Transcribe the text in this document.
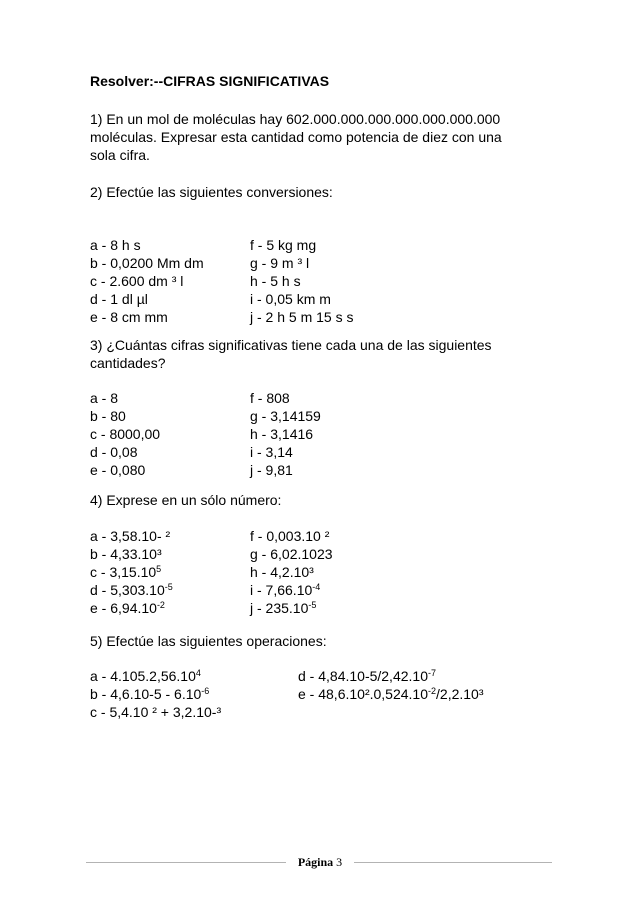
Resolver:--CIFRAS SIGNIFICATIVAS
1) En un mol de moléculas hay 602.000.000.000.000.000.000.000
moléculas. Expresar esta cantidad como potencia de diez con una
sola cifra.
2) Efectúe las siguientes conversiones:
a - 8 h s
b - 0,0200 Mm dm
c - 2.600 dm ³ l
d - 1 dl µl
e - 8 cm mm
f - 5 kg mg
g - 9 m ³ l
h - 5 h s
i - 0,05 km m
j - 2 h 5 m 15 s s
3) ¿Cuántas cifras significativas tiene cada una de las siguientes
cantidades?
a - 8
b - 80
c - 8000,00
d - 0,08
e - 0,080
f - 808
g - 3,14159
h - 3,1416
i - 3,14
j - 9,81
4) Exprese en un sólo número:
a - 3,58.10- ²
b - 4,33.10³
c - 3,15.10$^5$
d - $5,303.10^{-5}$
e - $6,94.10^{-2}$
f - 0,003.10 ²
g - 6,02.1023
h - 4,2.10³
i - $7,66.10^{-4}$
j - $235.10^{-5}$
5) Efectúe las siguientes operaciones:
a - 4.105.2,56.10$^4$
b - $4,6.10-5 - 6.10^{-6}$
c - 5,4.10 ² + 3,2.10-³
d - $4,84.10-5/2,42.10^{-7}$
e - $48,6.10^2.0,524.10^{-2}/2,2.10^3$
Página 3
